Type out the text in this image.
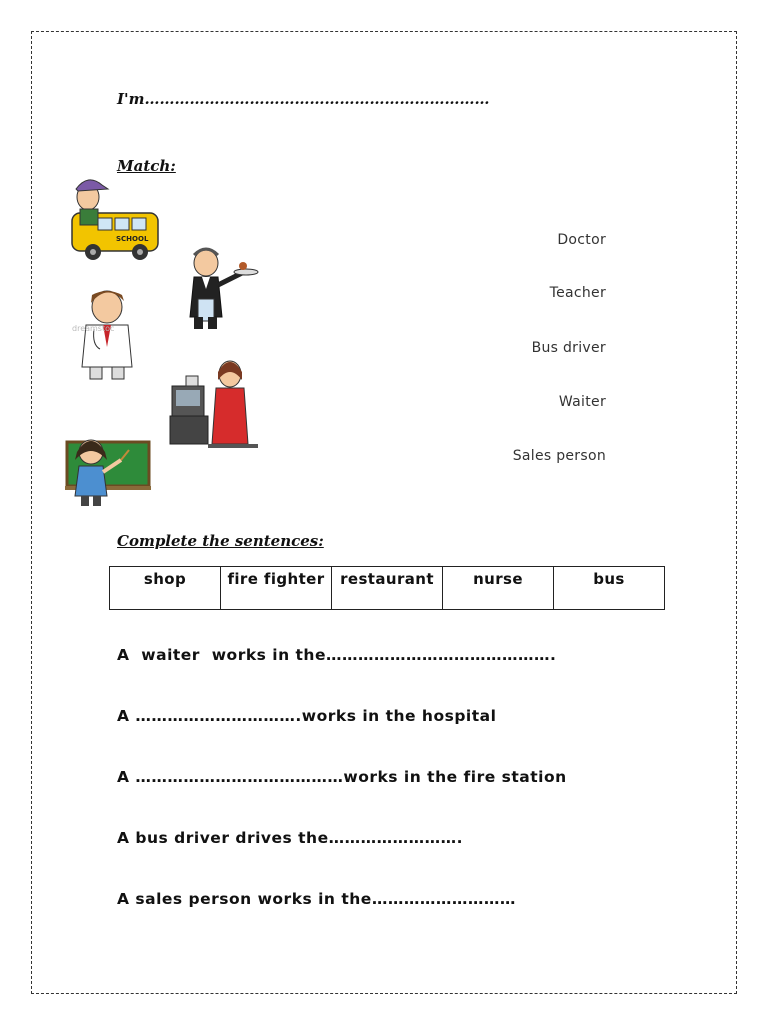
I'm……………………………………………………………
Match:
SCHOOL
dreamstoc
Doctor
Teacher
Bus driver
Waiter
Sales person
Complete the sentences:
shop	fire fighter	restaurant	nurse	bus
A  waiter  works in the…………………………………….
A ………………………….works in the hospital
A …………………………………works in the fire station
A bus driver drives the…………………….
A sales person works in the………………………
